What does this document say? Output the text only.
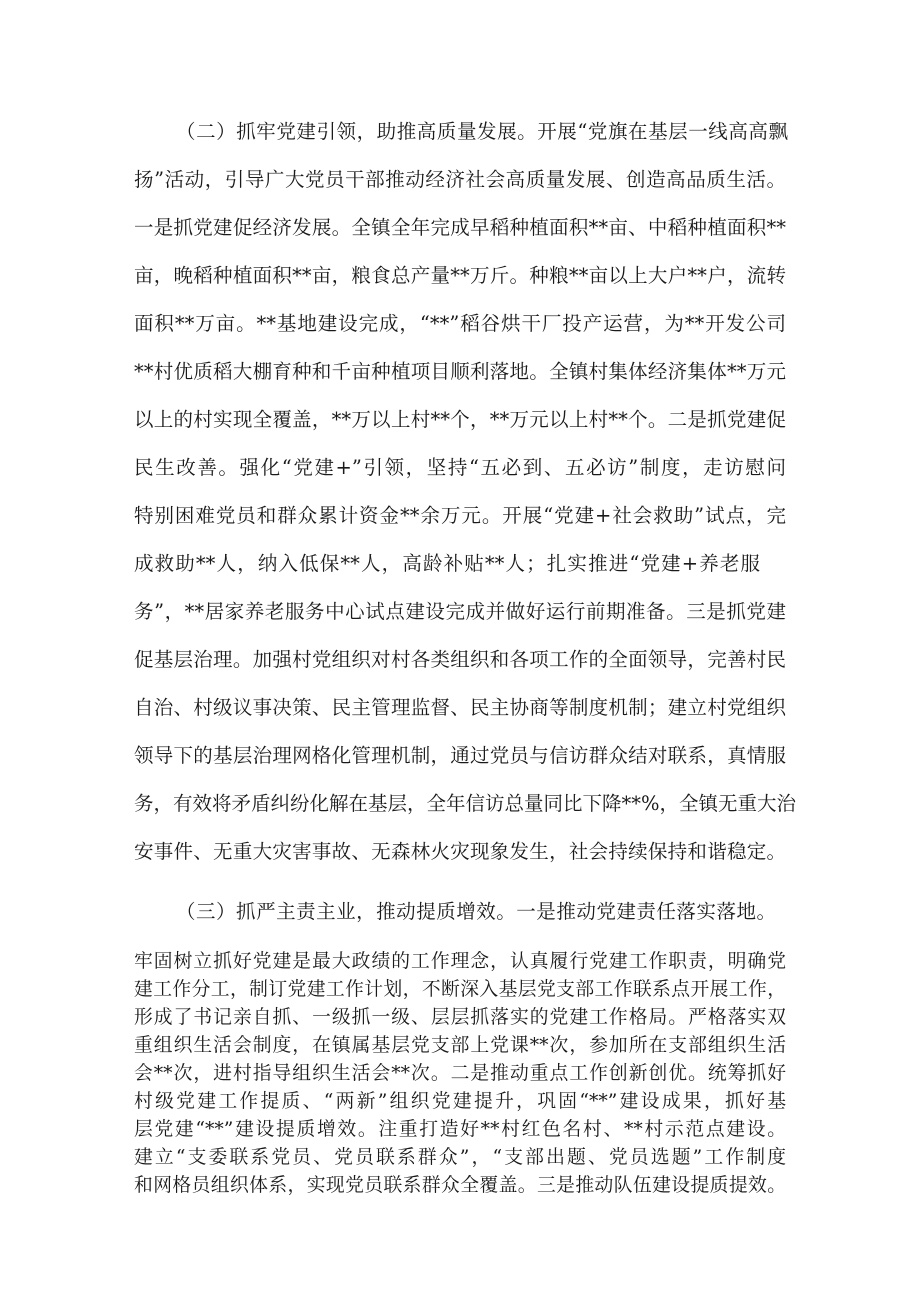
（二）抓牢党建引领，助推高质量发展。开展“党旗在基层一线高高飘
扬”活动，引导广大党员干部推动经济社会高质量发展、创造高品质生活。
一是抓党建促经济发展。全镇全年完成早稻种植面积**亩、中稻种植面积**
亩，晚稻种植面积**亩，粮食总产量**万斤。种粮**亩以上大户**户，流转
面积**万亩。**基地建设完成，“**”稻谷烘干厂投产运营，为**开发公司
**村优质稻大棚育种和千亩种植项目顺利落地。全镇村集体经济集体**万元
以上的村实现全覆盖，**万以上村**个，**万元以上村**个。二是抓党建促
民生改善。强化“党建+”引领，坚持“五必到、五必访”制度，走访慰问
特别困难党员和群众累计资金**余万元。开展“党建+社会救助”试点，完
成救助**人，纳入低保**人，高龄补贴**人；扎实推进“党建+养老服
务”，**居家养老服务中心试点建设完成并做好运行前期准备。三是抓党建
促基层治理。加强村党组织对村各类组织和各项工作的全面领导，完善村民
自治、村级议事决策、民主管理监督、民主协商等制度机制；建立村党组织
领导下的基层治理网格化管理机制，通过党员与信访群众结对联系，真情服
务，有效将矛盾纠纷化解在基层，全年信访总量同比下降**%，全镇无重大治
安事件、无重大灾害事故、无森林火灾现象发生，社会持续保持和谐稳定。
（三）抓严主责主业，推动提质增效。一是推动党建责任落实落地。
牢固树立抓好党建是最大政绩的工作理念，认真履行党建工作职责，明确党
建工作分工，制订党建工作计划，不断深入基层党支部工作联系点开展工作，
形成了书记亲自抓、一级抓一级、层层抓落实的党建工作格局。严格落实双
重组织生活会制度，在镇属基层党支部上党课**次，参加所在支部组织生活
会**次，进村指导组织生活会**次。二是推动重点工作创新创优。统筹抓好
村级党建工作提质、“两新”组织党建提升，巩固“**”建设成果，抓好基
层党建“**”建设提质增效。注重打造好**村红色名村、**村示范点建设。
建立“支委联系党员、党员联系群众”，“支部出题、党员选题”工作制度
和网格员组织体系，实现党员联系群众全覆盖。三是推动队伍建设提质提效。
